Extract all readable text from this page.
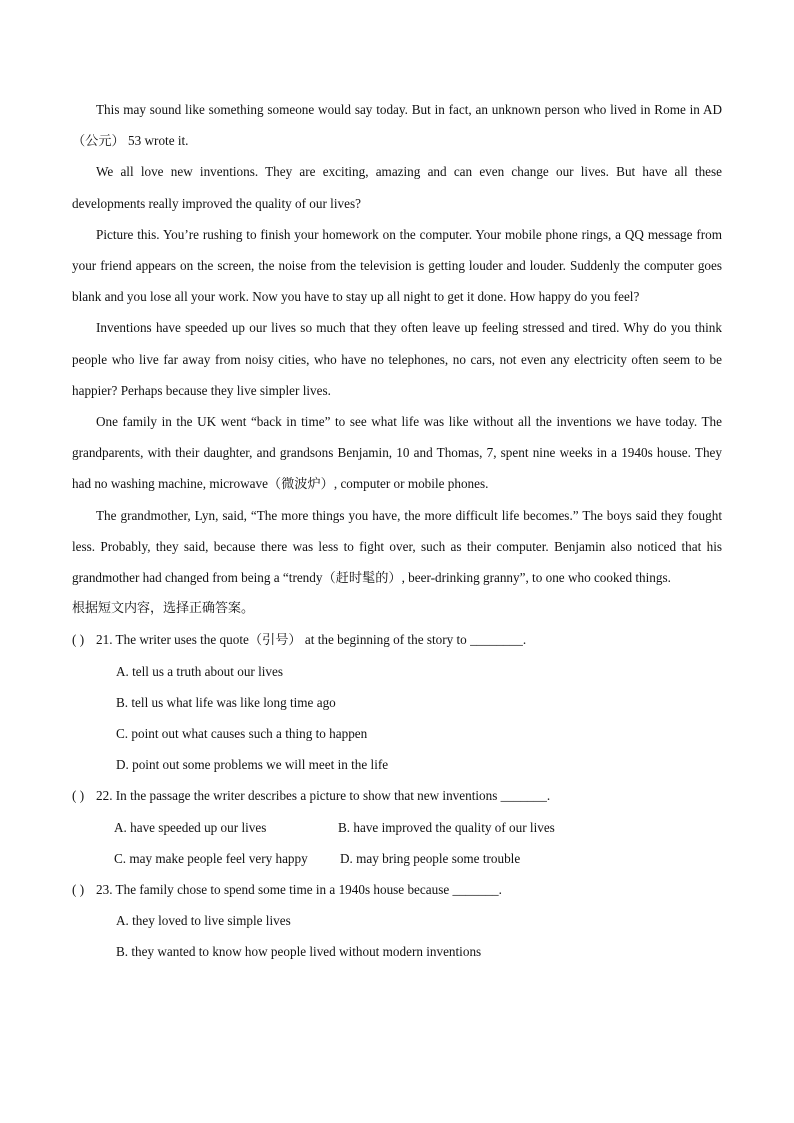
This may sound like something someone would say today. But in fact, an unknown person who lived in Rome in AD（公元） 53 wrote it.

We all love new inventions. They are exciting, amazing and can even change our lives. But have all these developments really improved the quality of our lives?

Picture this. You’re rushing to finish your homework on the computer. Your mobile phone rings, a QQ message from your friend appears on the screen, the noise from the television is getting louder and louder. Suddenly the computer goes blank and you lose all your work. Now you have to stay up all night to get it done. How happy do you feel?

Inventions have speeded up our lives so much that they often leave up feeling stressed and tired. Why do you think people who live far away from noisy cities, who have no telephones, no cars, not even any electricity often seem to be happier? Perhaps because they live simpler lives.

One family in the UK went “back in time” to see what life was like without all the inventions we have today. The grandparents, with their daughter, and grandsons Benjamin, 10 and Thomas, 7, spent nine weeks in a 1940s house. They had no washing machine, microwave（微波炉）, computer or mobile phones.

The grandmother, Lyn, said, “The more things you have, the more difficult life becomes.” The boys said they fought less. Probably, they said, because there was less to fight over, such as their computer. Benjamin also noticed that his grandmother had changed from being a “trendy（赶时髦的）, beer-drinking granny”, to one who cooked things.

根据短文内容，选择正确答案。

( ) 21. The writer uses the quote（引号） at the beginning of the story to ________.

A. tell us a truth about our lives

B. tell us what life was like long time ago

C. point out what causes such a thing to happen

D. point out some problems we will meet in the life

( ) 22. In the passage the writer describes a picture to show that new inventions _______.

A. have speeded up our lives	B. have improved the quality of our lives
C. may make people feel very happy	D. may bring people some trouble

( ) 23. The family chose to spend some time in a 1940s house because _______.

A. they loved to live simple lives

B. they wanted to know how people lived without modern inventions
